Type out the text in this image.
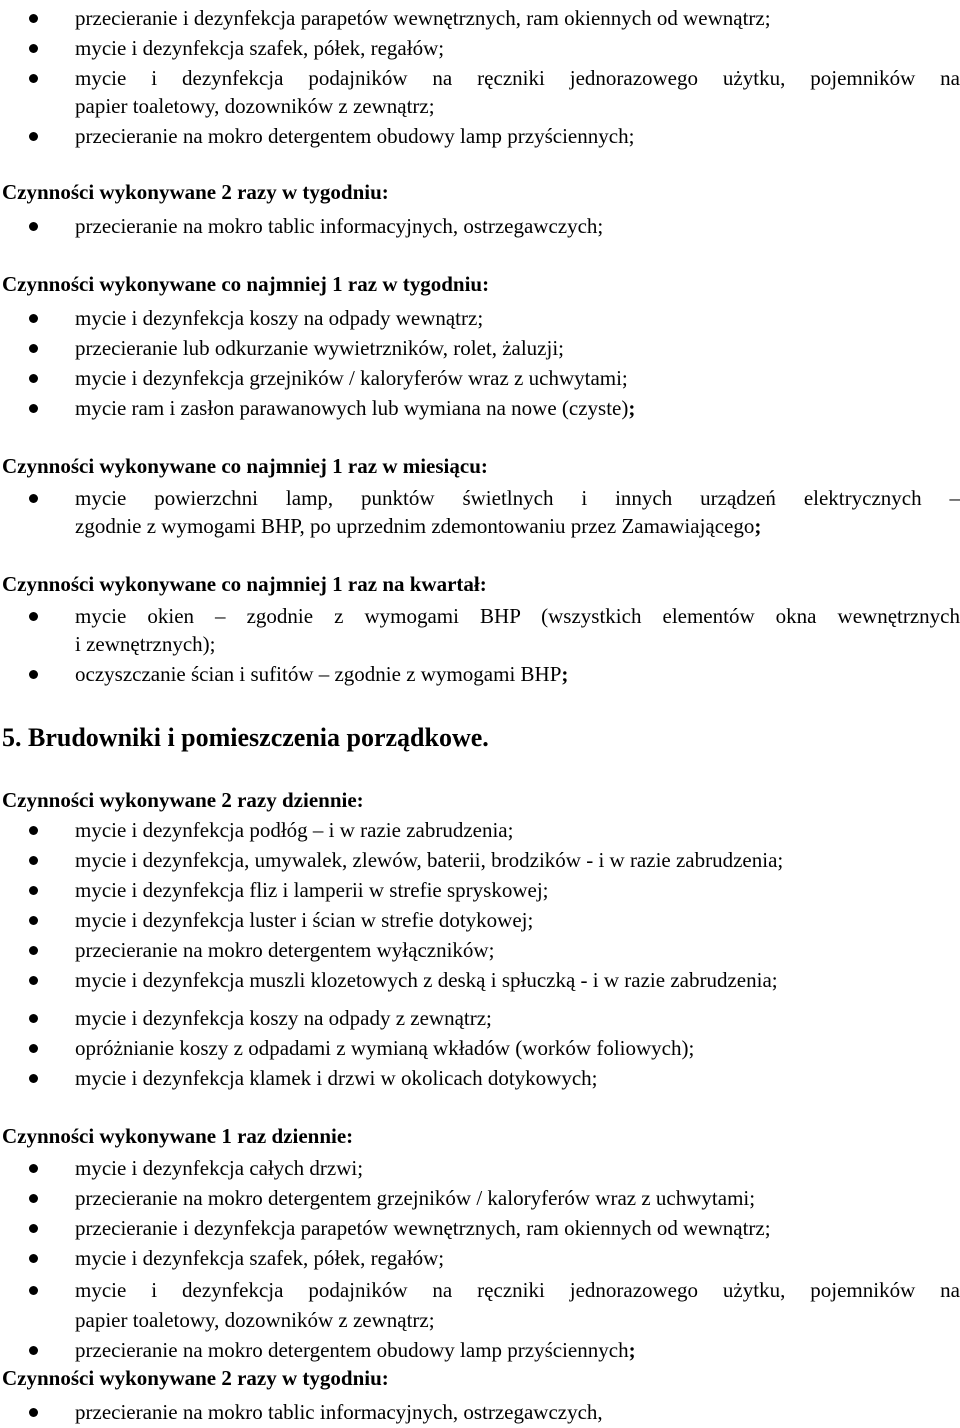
przecieranie i dezynfekcja parapetów wewnętrznych, ram okiennych od wewnątrz;
mycie i dezynfekcja szafek, półek, regałów;
mycie i dezynfekcja podajników na ręczniki jednorazowego użytku, pojemników na
papier toaletowy, dozowników z zewnątrz;
przecieranie na mokro detergentem obudowy lamp przyściennych;
Czynności wykonywane 2 razy w tygodniu:
przecieranie na mokro tablic informacyjnych, ostrzegawczych;
Czynności wykonywane co najmniej 1 raz w tygodniu:
mycie i dezynfekcja koszy na odpady wewnątrz;
przecieranie lub odkurzanie wywietrzników, rolet, żaluzji;
mycie i dezynfekcja grzejników / kaloryferów wraz z uchwytami;
mycie ram i zasłon parawanowych lub wymiana na nowe (czyste);
Czynności wykonywane co najmniej 1 raz w miesiącu:
mycie powierzchni lamp, punktów świetlnych i innych urządzeń elektrycznych –
zgodnie z wymogami BHP, po uprzednim zdemontowaniu przez Zamawiającego;
Czynności wykonywane co najmniej 1 raz na kwartał:
mycie okien – zgodnie z wymogami BHP (wszystkich elementów okna wewnętrznych
i zewnętrznych);
oczyszczanie ścian i sufitów – zgodnie z wymogami BHP;
5. Brudowniki i pomieszczenia porządkowe.
Czynności wykonywane 2 razy dziennie:
mycie i dezynfekcja podłóg – i w razie zabrudzenia;
mycie i dezynfekcja, umywalek, zlewów, baterii, brodzików - i w razie zabrudzenia;
mycie i dezynfekcja fliz i lamperii w strefie spryskowej;
mycie i dezynfekcja luster i ścian w strefie dotykowej;
przecieranie na mokro detergentem wyłączników;
mycie i dezynfekcja muszli klozetowych z deską i spłuczką - i w razie zabrudzenia;
mycie i dezynfekcja koszy na odpady z zewnątrz;
opróżnianie koszy z odpadami z wymianą wkładów (worków foliowych);
mycie i dezynfekcja klamek i drzwi w okolicach dotykowych;
Czynności wykonywane 1 raz dziennie:
mycie i dezynfekcja całych drzwi;
przecieranie na mokro detergentem grzejników / kaloryferów wraz z uchwytami;
przecieranie i dezynfekcja parapetów wewnętrznych, ram okiennych od wewnątrz;
mycie i dezynfekcja szafek, półek, regałów;
mycie i dezynfekcja podajników na ręczniki jednorazowego użytku, pojemników na
papier toaletowy, dozowników z zewnątrz;
przecieranie na mokro detergentem obudowy lamp przyściennych;
Czynności wykonywane 2 razy w tygodniu:
przecieranie na mokro tablic informacyjnych, ostrzegawczych,
